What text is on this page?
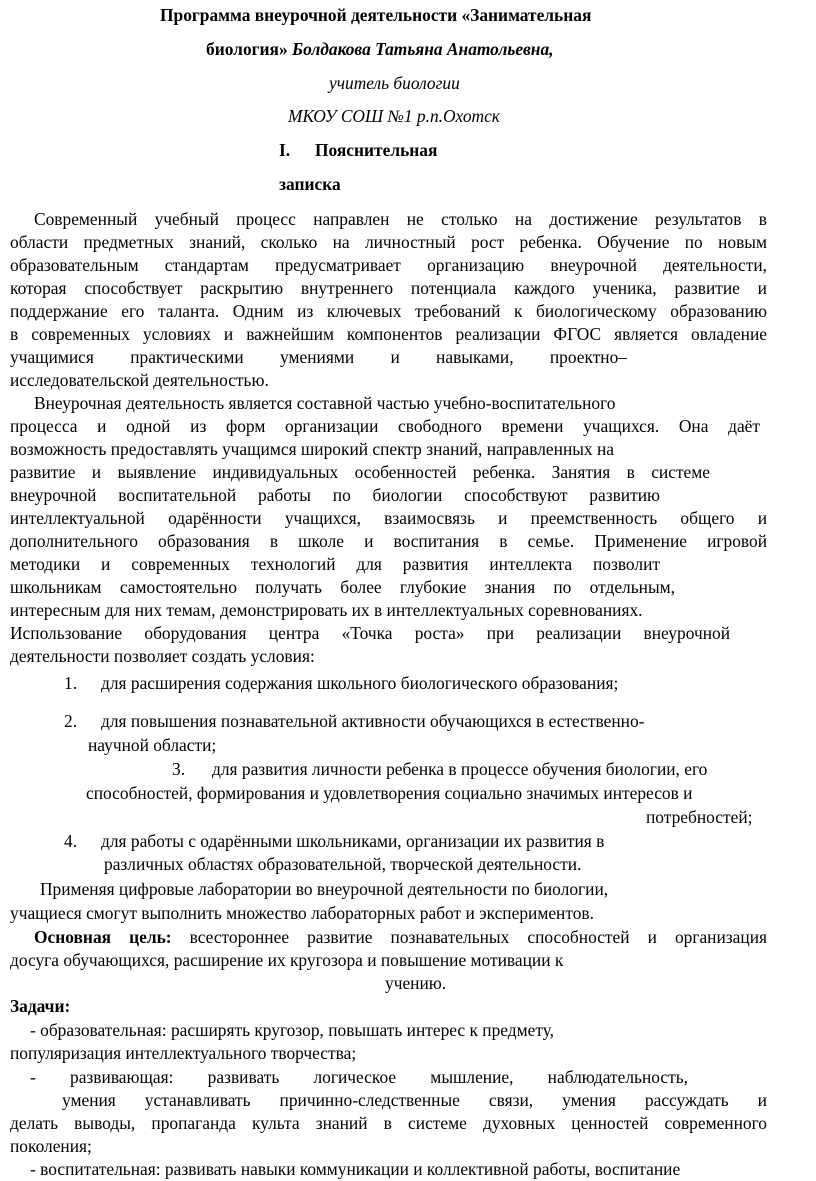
Программа внеурочной деятельности «Занимательная
биология» Болдакова Татьяна Анатольевна,
учитель биологии
МКОУ СОШ №1 р.п.Охотск
I. Пояснительная
записка
Современный учебный процесс направлен не столько на достижение результатов в
области предметных знаний, сколько на личностный рост ребенка. Обучение по новым
образовательным стандартам предусматривает организацию внеурочной деятельности,
которая способствует раскрытию внутреннего потенциала каждого ученика, развитие и
поддержание его таланта. Одним из ключевых требований к биологическому образованию
в современных условиях и важнейшим компонентов реализации ФГОС является овладение
учащимися практическими умениями и навыками, проектно–
исследовательской деятельностью.
Внеурочная деятельность является составной частью учебно-воспитательного
процесса и одной из форм организации свободного времени учащихся. Она даёт
возможность предоставлять учащимся широкий спектр знаний, направленных на
развитие и выявление индивидуальных особенностей ребенка. Занятия в системе
внеурочной воспитательной работы по биологии способствуют развитию
интеллектуальной одарённости учащихся, взаимосвязь и преемственность общего и
дополнительного образования в школе и воспитания в семье. Применение игровой
методики и современных технологий для развития интеллекта позволит
школьникам самостоятельно получать более глубокие знания по отдельным,
интересным для них темам, демонстрировать их в интеллектуальных соревнованиях.
Использование оборудования центра «Точка роста» при реализации внеурочной
деятельности позволяет создать условия:
1. для расширения содержания школьного биологического образования;
2. для повышения познавательной активности обучающихся в естественно-
научной области;
3. для развития личности ребенка в процессе обучения биологии, его
способностей, формирования и удовлетворения социально значимых интересов и
потребностей;
4. для работы с одарёнными школьниками, организации их развития в
различных областях образовательной, творческой деятельности.
Применяя цифровые лаборатории во внеурочной деятельности по биологии,
учащиеся смогут выполнить множество лабораторных работ и экспериментов.
Основная цель: всестороннее развитие познавательных способностей и организация
досуга обучающихся, расширение их кругозора и повышение мотивации к
учению.
Задачи:
- образовательная: расширять кругозор, повышать интерес к предмету,
популяризация интеллектуального творчества;
- развивающая: развивать логическое мышление, наблюдательность,
умения устанавливать причинно-следственные связи, умения рассуждать и
делать выводы, пропаганда культа знаний в системе духовных ценностей современного
поколения;
- воспитательная: развивать навыки коммуникации и коллективной работы, воспитание
